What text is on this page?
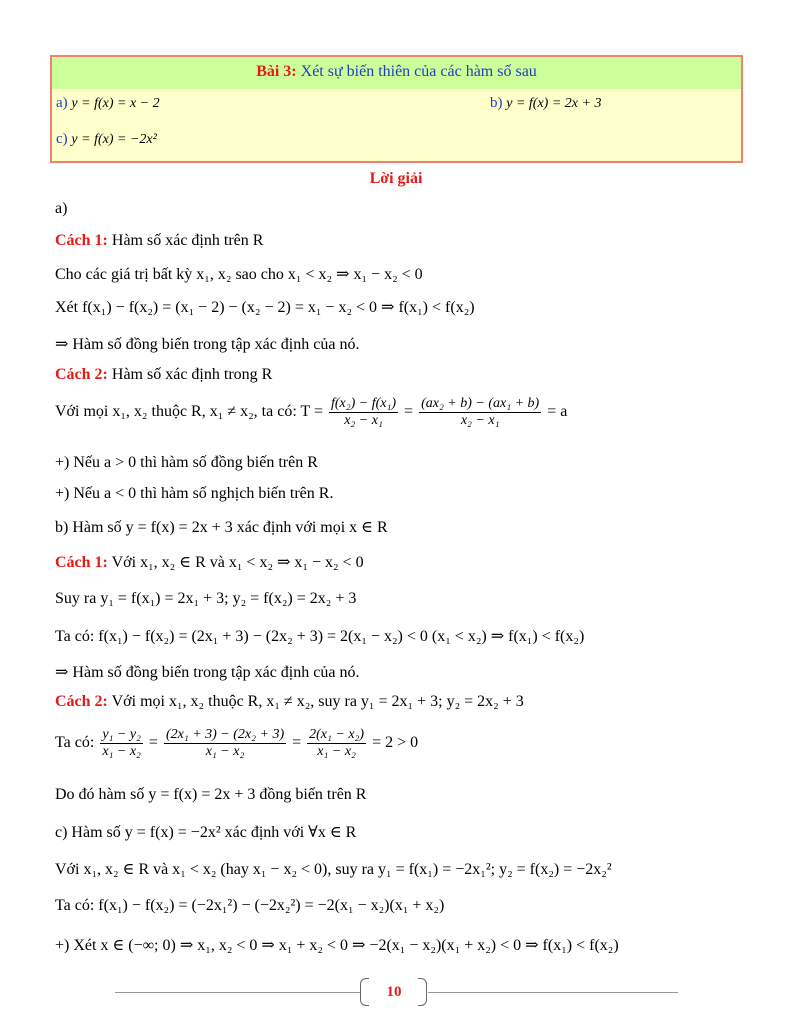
Bài 3: Xét sự biến thiên của các hàm số sau
a) y = f(x) = x − 2	b) y = f(x) = 2x + 3
c) y = f(x) = −2x²
Lời giải
a)
Cách 1: Hàm số xác định trên R
Cho các giá trị bất kỳ x₁, x₂ sao cho x₁ < x₂ ⇒ x₁ − x₂ < 0
Xét f(x₁) − f(x₂) = (x₁ − 2) − (x₂ − 2) = x₁ − x₂ < 0 ⇒ f(x₁) < f(x₂)
⇒ Hàm số đồng biến trong tập xác định của nó.
Cách 2: Hàm số xác định trong R
Với mọi x₁, x₂ thuộc R, x₁ ≠ x₂, ta có: $T = \frac{\text{f(x₂) − f(x₁)}}{\text{x₂ − x₁}} = \frac{\text{(ax₂ + b) − (ax₁ + b)}}{\text{x₂ − x₁}} = a$
+) Nếu a > 0 thì hàm số đồng biến trên R
+) Nếu a < 0 thì hàm số nghịch biến trên R.
b) Hàm số y = f(x) = 2x + 3 xác định với mọi x ∈ R
Cách 1: Với x₁, x₂ ∈ R và x₁ < x₂ ⇒ x₁ − x₂ < 0
Suy ra y₁ = f(x₁) = 2x₁ + 3; y₂ = f(x₂) = 2x₂ + 3
Ta có: f(x₁) − f(x₂) = (2x₁ + 3) − (2x₂ + 3) = 2(x₁ − x₂) < 0 (x₁ < x₂) ⇒ f(x₁) < f(x₂)
⇒ Hàm số đồng biến trong tập xác định của nó.
Cách 2: Với mọi x₁, x₂ thuộc R, x₁ ≠ x₂, suy ra y₁ = 2x₁ + 3; y₂ = 2x₂ + 3
Ta có: $\frac{\text{y₁ − y₂}}{\text{x₁ − x₂}} = \frac{\text{(2x₁ + 3) − (2x₂ + 3)}}{\text{x₁ − x₂}} = \frac{\text{2(x₁ − x₂)}}{\text{x₁ − x₂}} = 2 > 0$
Do đó hàm số y = f(x) = 2x + 3 đồng biến trên R
c) Hàm số y = f(x) = −2x² xác định với ∀x ∈ R
Với x₁, x₂ ∈ R và x₁ < x₂ (hay x₁ − x₂ < 0), suy ra y₁ = f(x₁) = −2x₁²; y₂ = f(x₂) = −2x₂²
Ta có: f(x₁) − f(x₂) = (−2x₁²) − (−2x₂²) = −2(x₁ − x₂)(x₁ + x₂)
+) Xét x ∈ (−∞; 0) ⇒ x₁, x₂ < 0 ⇒ x₁ + x₂ < 0 ⇒ −2(x₁ − x₂)(x₁ + x₂) < 0 ⇒ f(x₁) < f(x₂)
10
